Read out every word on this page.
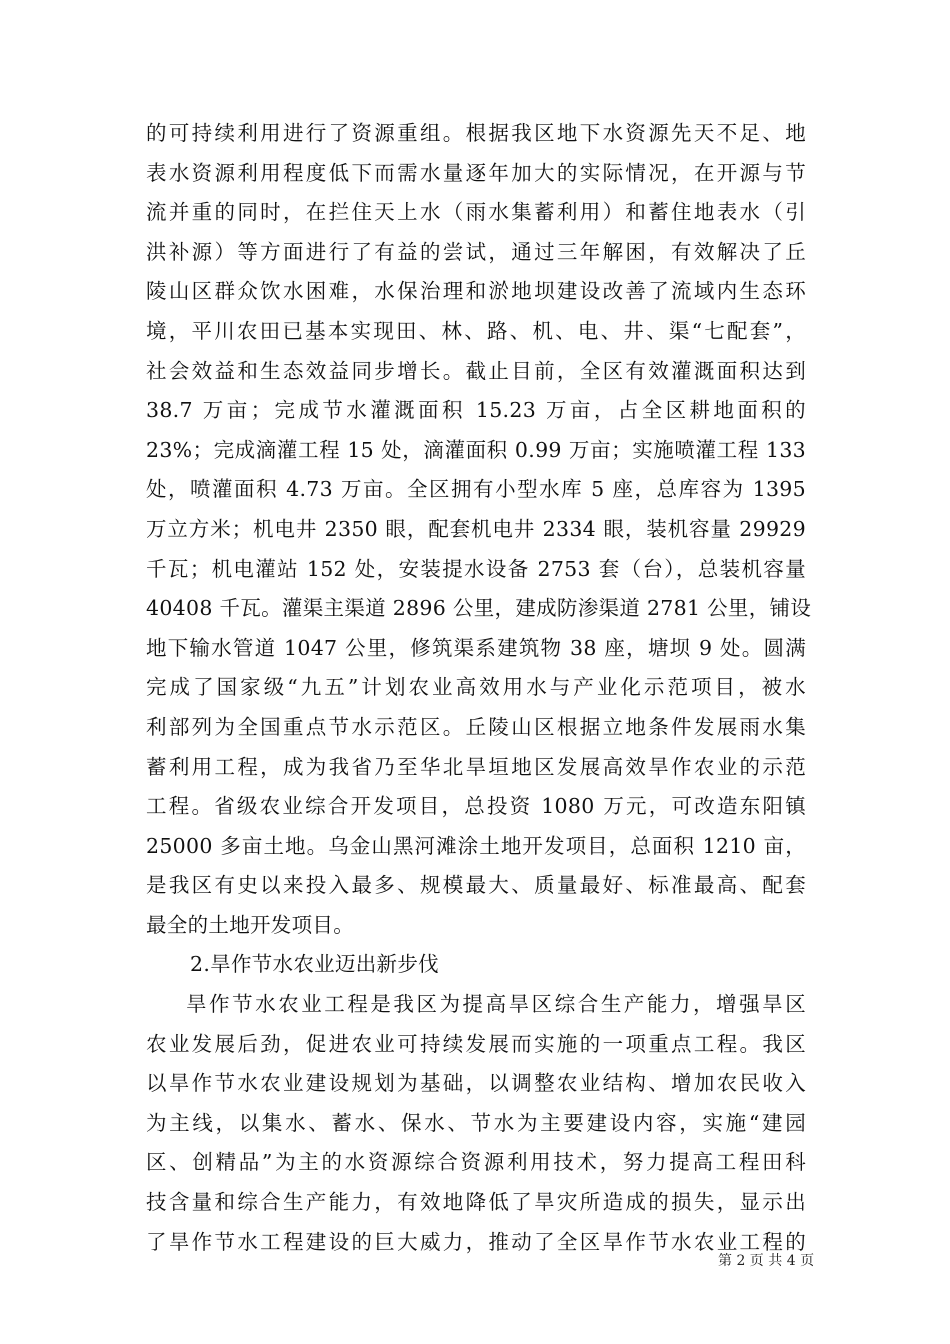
的可持续利用进行了资源重组。根据我区地下水资源先天不足、地
表水资源利用程度低下而需水量逐年加大的实际情况，在开源与节
流并重的同时，在拦住天上水（雨水集蓄利用）和蓄住地表水（引
洪补源）等方面进行了有益的尝试，通过三年解困，有效解决了丘
陵山区群众饮水困难，水保治理和淤地坝建设改善了流域内生态环
境，平川农田已基本实现田、林、路、机、电、井、渠“七配套”，
社会效益和生态效益同步增长。截止目前，全区有效灌溉面积达到
38.7 万亩；完成节水灌溉面积 15.23 万亩，占全区耕地面积的
23%；完成滴灌工程 15 处，滴灌面积 0.99 万亩；实施喷灌工程 133
处，喷灌面积 4.73 万亩。全区拥有小型水库 5 座，总库容为 1395
万立方米；机电井 2350 眼，配套机电井 2334 眼，装机容量 29929
千瓦；机电灌站 152 处，安装提水设备 2753 套（台），总装机容量
40408 千瓦。灌渠主渠道 2896 公里，建成防渗渠道 2781 公里，铺设
地下输水管道 1047 公里，修筑渠系建筑物 38 座，塘坝 9 处。圆满
完成了国家级“九五”计划农业高效用水与产业化示范项目，被水
利部列为全国重点节水示范区。丘陵山区根据立地条件发展雨水集
蓄利用工程，成为我省乃至华北旱垣地区发展高效旱作农业的示范
工程。省级农业综合开发项目，总投资 1080 万元，可改造东阳镇
25000 多亩土地。乌金山黑河滩涂土地开发项目，总面积 1210 亩，
是我区有史以来投入最多、规模最大、质量最好、标准最高、配套
最全的土地开发项目。
2.旱作节水农业迈出新步伐
旱作节水农业工程是我区为提高旱区综合生产能力，增强旱区
农业发展后劲，促进农业可持续发展而实施的一项重点工程。我区
以旱作节水农业建设规划为基础，以调整农业结构、增加农民收入
为主线，以集水、蓄水、保水、节水为主要建设内容，实施“建园
区、创精品”为主的水资源综合资源利用技术，努力提高工程田科
技含量和综合生产能力，有效地降低了旱灾所造成的损失，显示出
了旱作节水工程建设的巨大威力，推动了全区旱作节水农业工程的
第 2 页 共 4 页
